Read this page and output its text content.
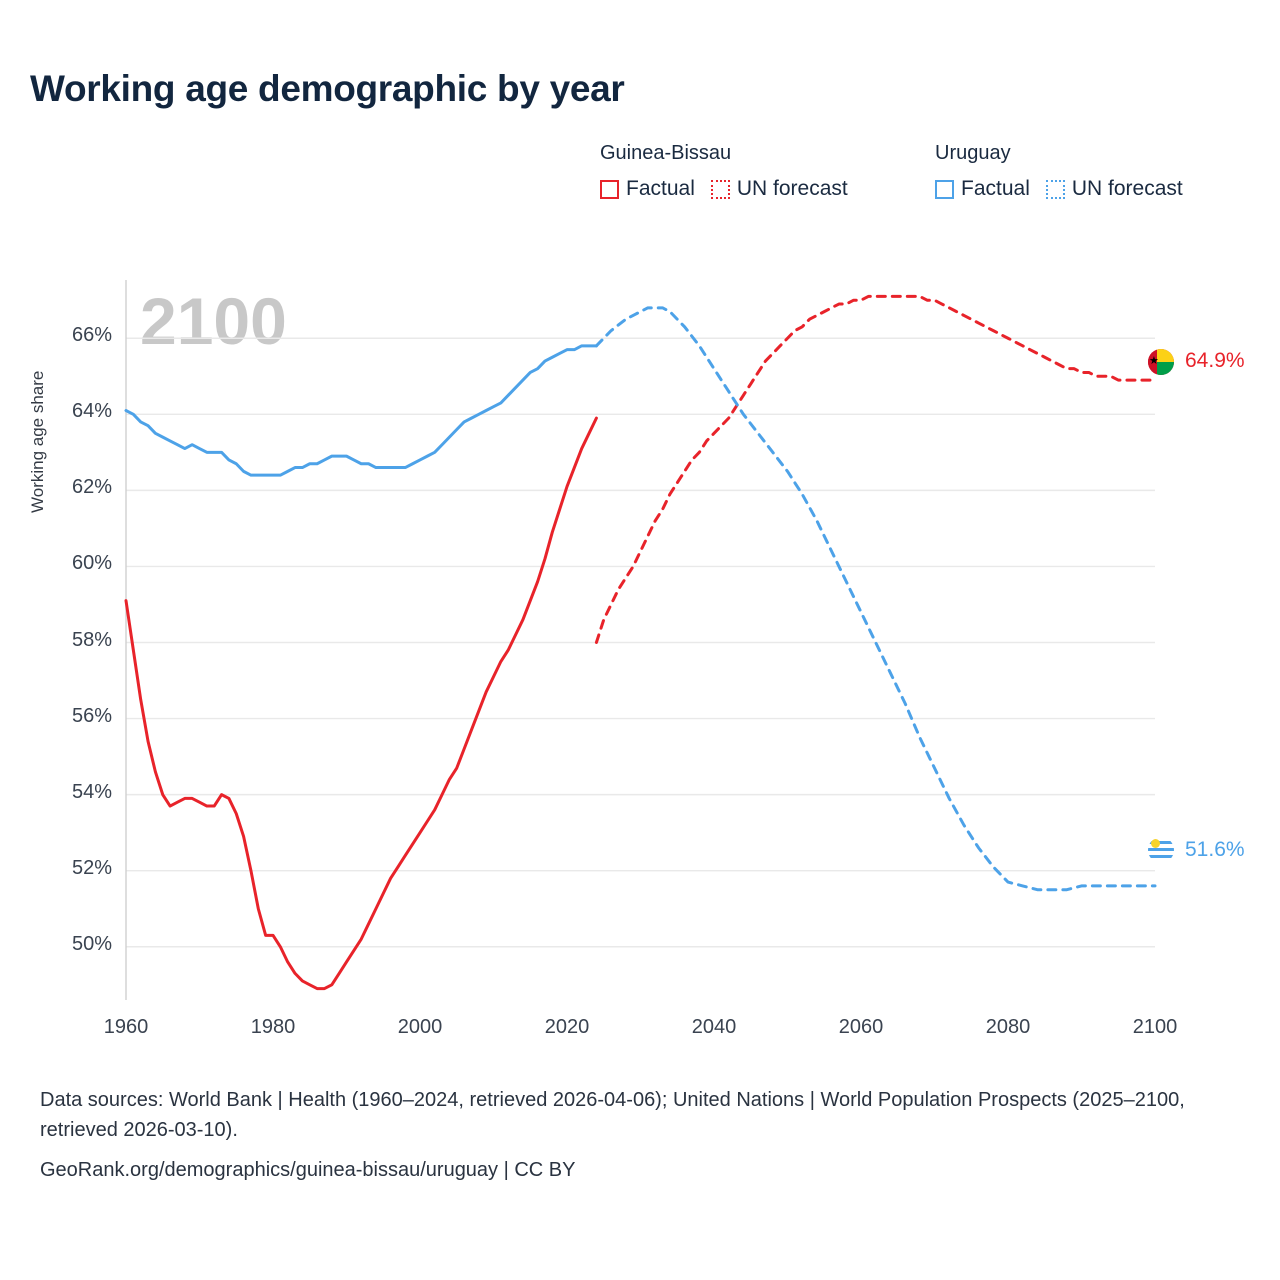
Working age demographic by year
Guinea-Bissau
Factual UN forecast
Uruguay
Factual UN forecast
2100
Working age share
50%
52%
54%
56%
58%
60%
62%
64%
66%
1960	1980	2000	2020	2040	2060	2080	2100
★ 64.9%
51.6%
Data sources: World Bank | Health (1960–2024, retrieved 2026-04-06); United Nations | World Population Prospects (2025–2100, retrieved 2026-03-10).
GeoRank.org/demographics/guinea-bissau/uruguay | CC BY
